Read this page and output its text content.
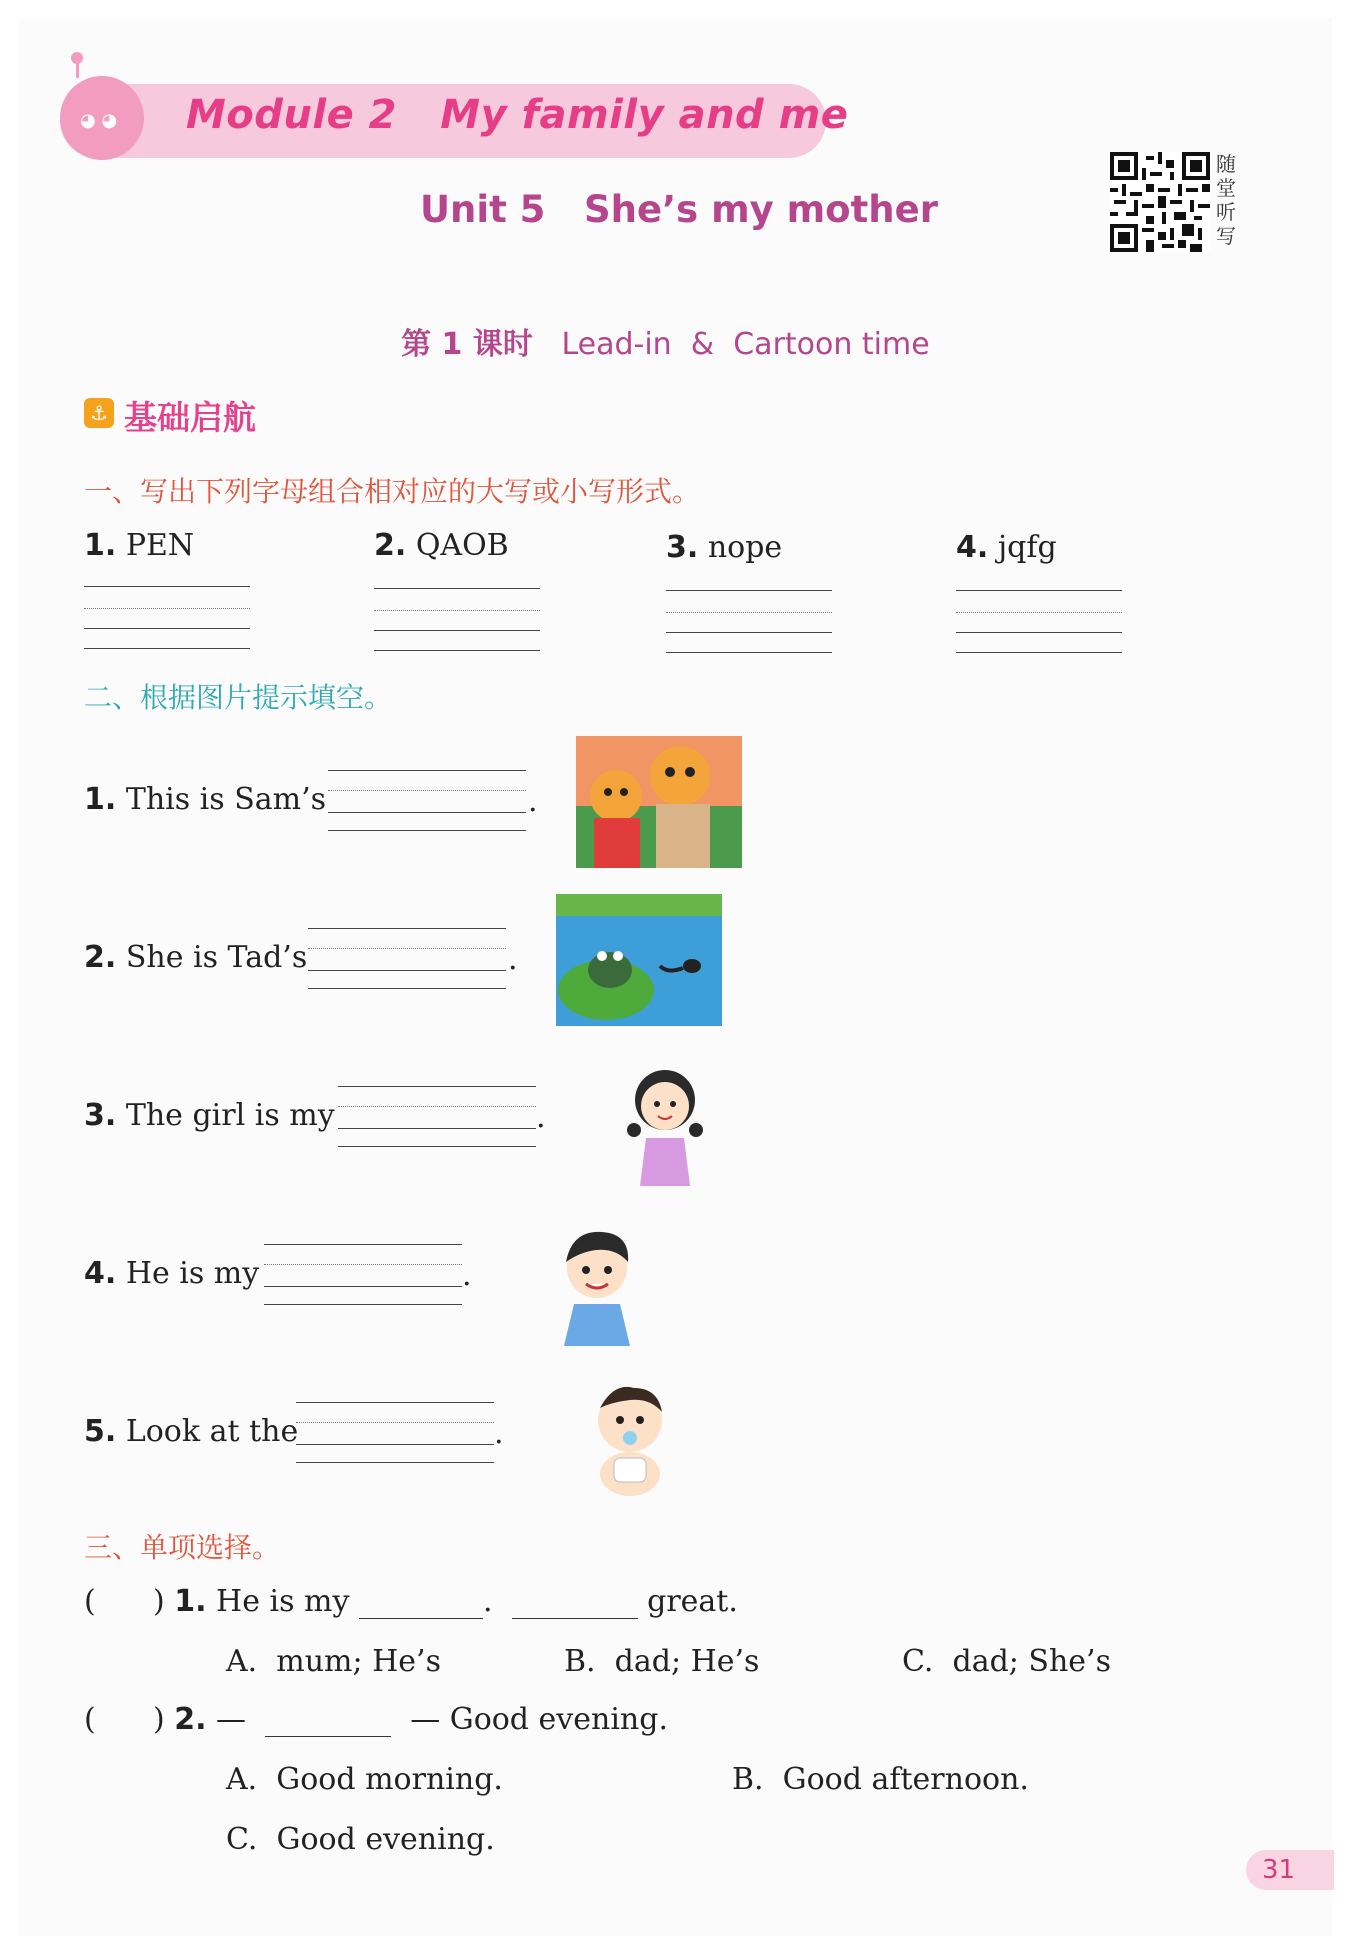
◕ ◕ Module 2   My family and me
Unit 5   She’s my mother

第 1 课时 Lead-in  &  Cartoon time

随堂听写
⚓ 基础启航
一、写出下列字母组合相对应的大写或小写形式。
1. PEN	2. QAOB	3. nope	4. jqfg
二、根据图片提示填空。
1. This is Sam’s	.
2. She is Tad’s	.
3. The girl is my	.
4. He is my	.
5. Look at the	.
三、单项选择。
( ) 1. He is my	.	great.
A.  mum; He’s	B.  dad; He’s	C.  dad; She’s
( ) 2. —	— Good evening.
A.  Good morning.	B.  Good afternoon.
C.  Good evening.
31
